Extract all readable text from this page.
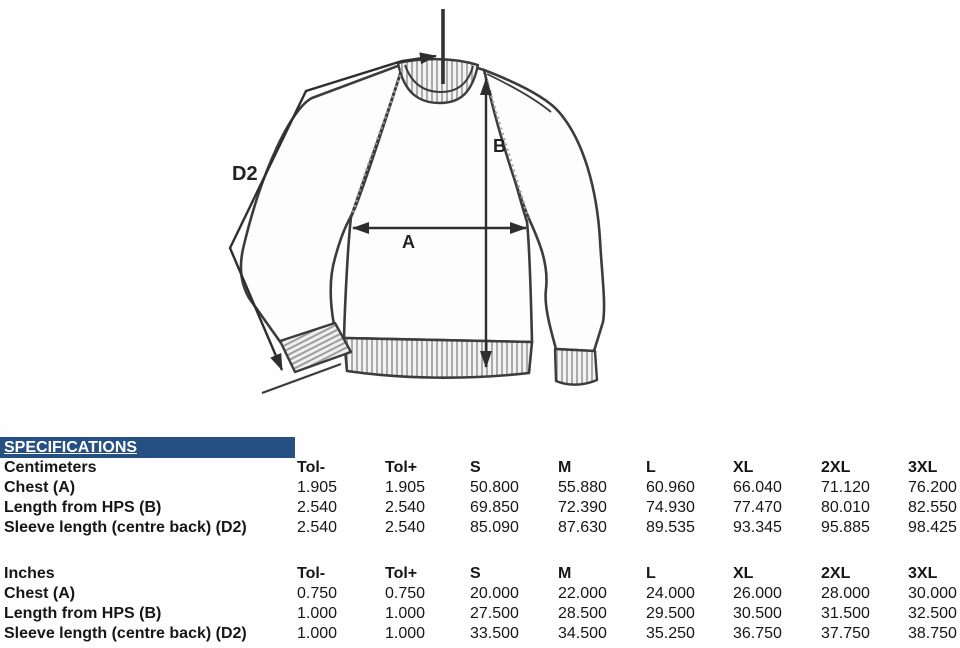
A
B
D2
SPECIFICATIONS
Centimeters	Tol-	Tol+	S	M	L	XL	2XL	3XL
Chest (A)	1.905	1.905	50.800 55.880 60.960 66.040 71.120 76.200
Length from HPS (B)	2.540	2.540	69.850 72.390 74.930 77.470 80.010 82.550
Sleeve length (centre back) (D2)	2.540	2.540	85.090 87.630 89.535 93.345 95.885 98.425
Inches	Tol-	Tol+	S	M	L	XL	2XL	3XL
Chest (A)	0.750	0.750	20.000 22.000 24.000 26.000 28.000 30.000
Length from HPS (B)	1.000	1.000	27.500 28.500 29.500 30.500 31.500 32.500
Sleeve length (centre back) (D2)	1.000	1.000	33.500 34.500 35.250 36.750 37.750 38.750
